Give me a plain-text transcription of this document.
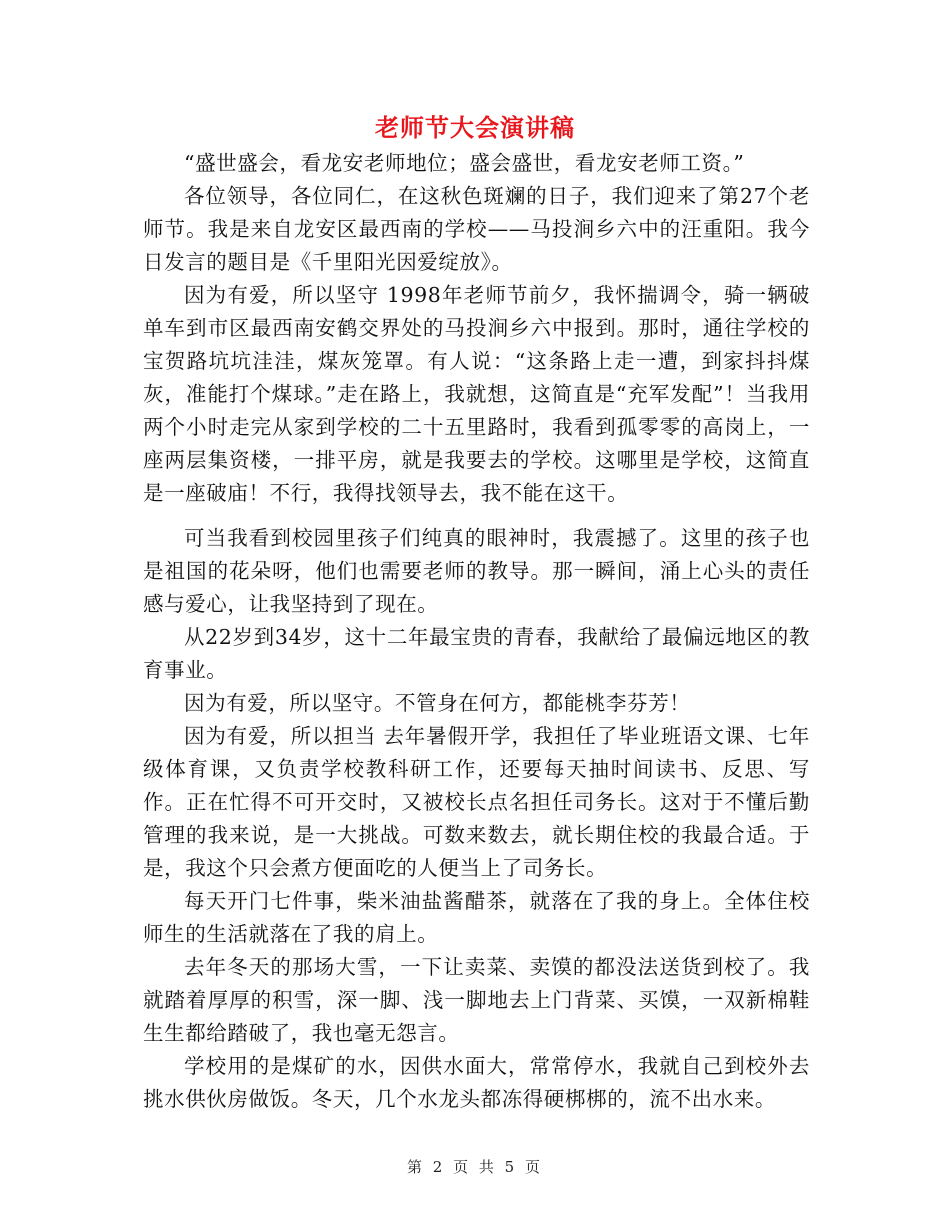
老师节大会演讲稿

“盛世盛会，看龙安老师地位；盛会盛世，看龙安老师工资。”

各位领导，各位同仁，在这秋色斑斓的日子，我们迎来了第27个老师节。我是来自龙安区最西南的学校——马投涧乡六中的汪重阳。我今日发言的题目是《千里阳光因爱绽放》。

因为有爱，所以坚守 1998年老师节前夕，我怀揣调令，骑一辆破单车到市区最西南安鹤交界处的马投涧乡六中报到。那时，通往学校的宝贺路坑坑洼洼，煤灰笼罩。有人说：“这条路上走一遭，到家抖抖煤灰，准能打个煤球。”走在路上，我就想，这简直是“充军发配”！当我用两个小时走完从家到学校的二十五里路时，我看到孤零零的高岗上，一座两层集资楼，一排平房，就是我要去的学校。这哪里是学校，这简直是一座破庙！不行，我得找领导去，我不能在这干。

可当我看到校园里孩子们纯真的眼神时，我震撼了。这里的孩子也是祖国的花朵呀，他们也需要老师的教导。那一瞬间，涌上心头的责任感与爱心，让我坚持到了现在。

从22岁到34岁，这十二年最宝贵的青春，我献给了最偏远地区的教育事业。

因为有爱，所以坚守。不管身在何方，都能桃李芬芳！

因为有爱，所以担当 去年暑假开学，我担任了毕业班语文课、七年级体育课，又负责学校教科研工作，还要每天抽时间读书、反思、写作。正在忙得不可开交时，又被校长点名担任司务长。这对于不懂后勤管理的我来说，是一大挑战。可数来数去，就长期住校的我最合适。于是，我这个只会煮方便面吃的人便当上了司务长。

每天开门七件事，柴米油盐酱醋茶，就落在了我的身上。全体住校师生的生活就落在了我的肩上。

去年冬天的那场大雪，一下让卖菜、卖馍的都没法送货到校了。我就踏着厚厚的积雪，深一脚、浅一脚地去上门背菜、买馍，一双新棉鞋生生都给踏破了，我也毫无怨言。

学校用的是煤矿的水，因供水面大，常常停水，我就自己到校外去挑水供伙房做饭。冬天，几个水龙头都冻得硬梆梆的，流不出水来。

第 2 页 共 5 页
